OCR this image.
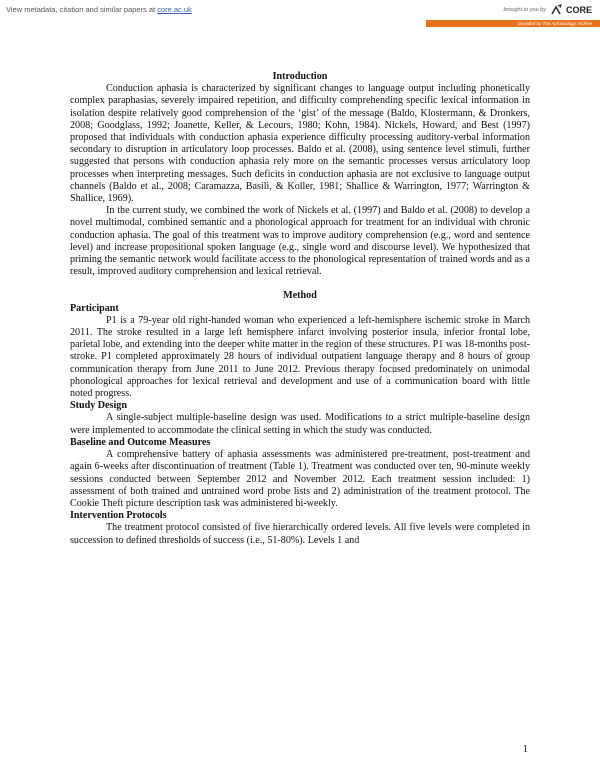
View metadata, citation and similar papers at core.ac.uk	brought to you by CORE
provided by The Aphasiology Archive

Introduction

Conduction aphasia is characterized by significant changes to language output including phonetically complex paraphasias, severely impaired repetition, and difficulty comprehending specific lexical information in isolation despite relatively good comprehension of the ‘gist’ of the message (Baldo, Klostermann, & Dronkers, 2008; Goodglass, 1992; Joanette, Keller, & Lecours, 1980; Kohn, 1984). Nickels, Howard, and Best (1997) proposed that individuals with conduction aphasia experience difficulty processing auditory-verbal information secondary to disruption in articulatory loop processes. Baldo et al. (2008), using sentence level stimuli, further suggested that persons with conduction aphasia rely more on the semantic processes versus articulatory loop processes when interpreting messages. Such deficits in conduction aphasia are not exclusive to language output channels (Baldo et al., 2008; Caramazza, Basili, & Koller, 1981; Shallice & Warrington, 1977; Warrington & Shallice, 1969).

In the current study, we combined the work of Nickels et al. (1997) and Baldo et al. (2008) to develop a novel multimodal, combined semantic and a phonological approach for treatment for an individual with chronic conduction aphasia. The goal of this treatment was to improve auditory comprehension (e.g., word and sentence level) and increase propositional spoken language (e.g., single word and discourse level). We hypothesized that priming the semantic network would facilitate access to the phonological representation of trained words and as a result, improved auditory comprehension and lexical retrieval.

Method

Participant

P1 is a 79-year old right-handed woman who experienced a left-hemisphere ischemic stroke in March 2011. The stroke resulted in a large left hemisphere infarct involving posterior insula, inferior frontal lobe, parietal lobe, and extending into the deeper white matter in the region of these structures. P1 was 18-months post-stroke. P1 completed approximately 28 hours of individual outpatient language therapy and 8 hours of group communication therapy from June 2011 to June 2012. Previous therapy focused predominately on unimodal phonological approaches for lexical retrieval and development and use of a communication board with little noted progress.

Study Design

A single-subject multiple-baseline design was used. Modifications to a strict multiple-baseline design were implemented to accommodate the clinical setting in which the study was conducted.

Baseline and Outcome Measures

A comprehensive battery of aphasia assessments was administered pre-treatment, post-treatment and again 6-weeks after discontinuation of treatment (Table 1). Treatment was conducted over ten, 90-minute weekly sessions conducted between September 2012 and November 2012. Each treatment session included: 1) assessment of both trained and untrained word probe lists and 2) administration of the treatment protocol. The Cookie Theft picture description task was administered bi-weekly.

Intervention Protocols

The treatment protocol consisted of five hierarchically ordered levels. All five levels were completed in succession to defined thresholds of success (i.e., 51-80%). Levels 1 and

1
